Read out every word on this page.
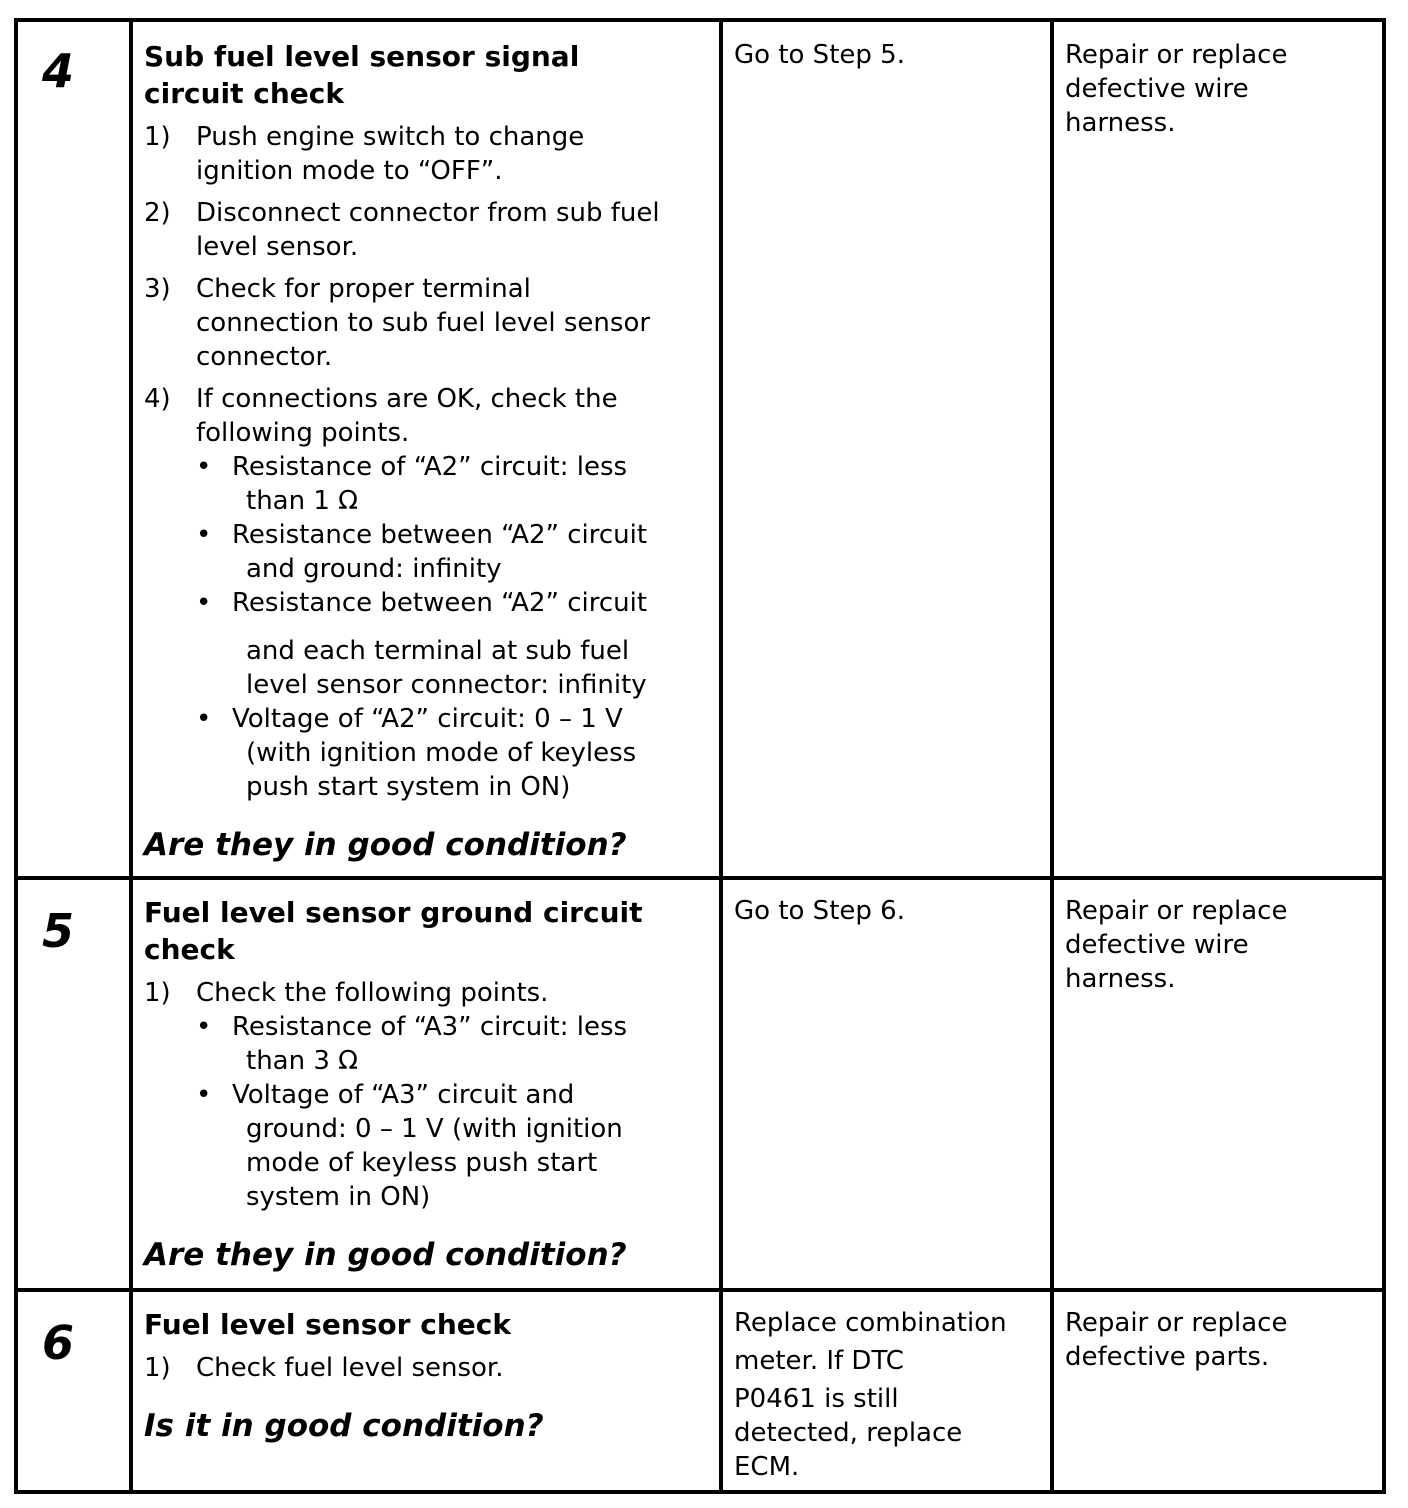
4 Sub fuel level sensor signal
circuit check
1) Push engine switch to change
ignition mode to “OFF”.
2) Disconnect connector from sub fuel
level sensor.
3) Check for proper terminal
connection to sub fuel level sensor
connector.
4) If connections are OK, check the
following points.
• Resistance of “A2” circuit: less
than 1 Ω
• Resistance between “A2” circuit
and ground: infinity
• Resistance between “A2” circuit
and each terminal at sub fuel
level sensor connector: infinity
• Voltage of “A2” circuit: 0 – 1 V
(with ignition mode of keyless
push start system in ON)
Are they in good condition?
Go to Step 5.	Repair or replace
defective wire
harness.
5 Fuel level sensor ground circuit
check
1) Check the following points.
• Resistance of “A3” circuit: less
than 3 Ω
• Voltage of “A3” circuit and
ground: 0 – 1 V (with ignition
mode of keyless push start
system in ON)
Are they in good condition?
Go to Step 6.	Repair or replace
defective wire
harness.
6 Fuel level sensor check
1) Check fuel level sensor.
Is it in good condition?
Replace combination
meter. If DTC
P0461 is still
detected, replace
ECM.
Repair or replace
defective parts.
